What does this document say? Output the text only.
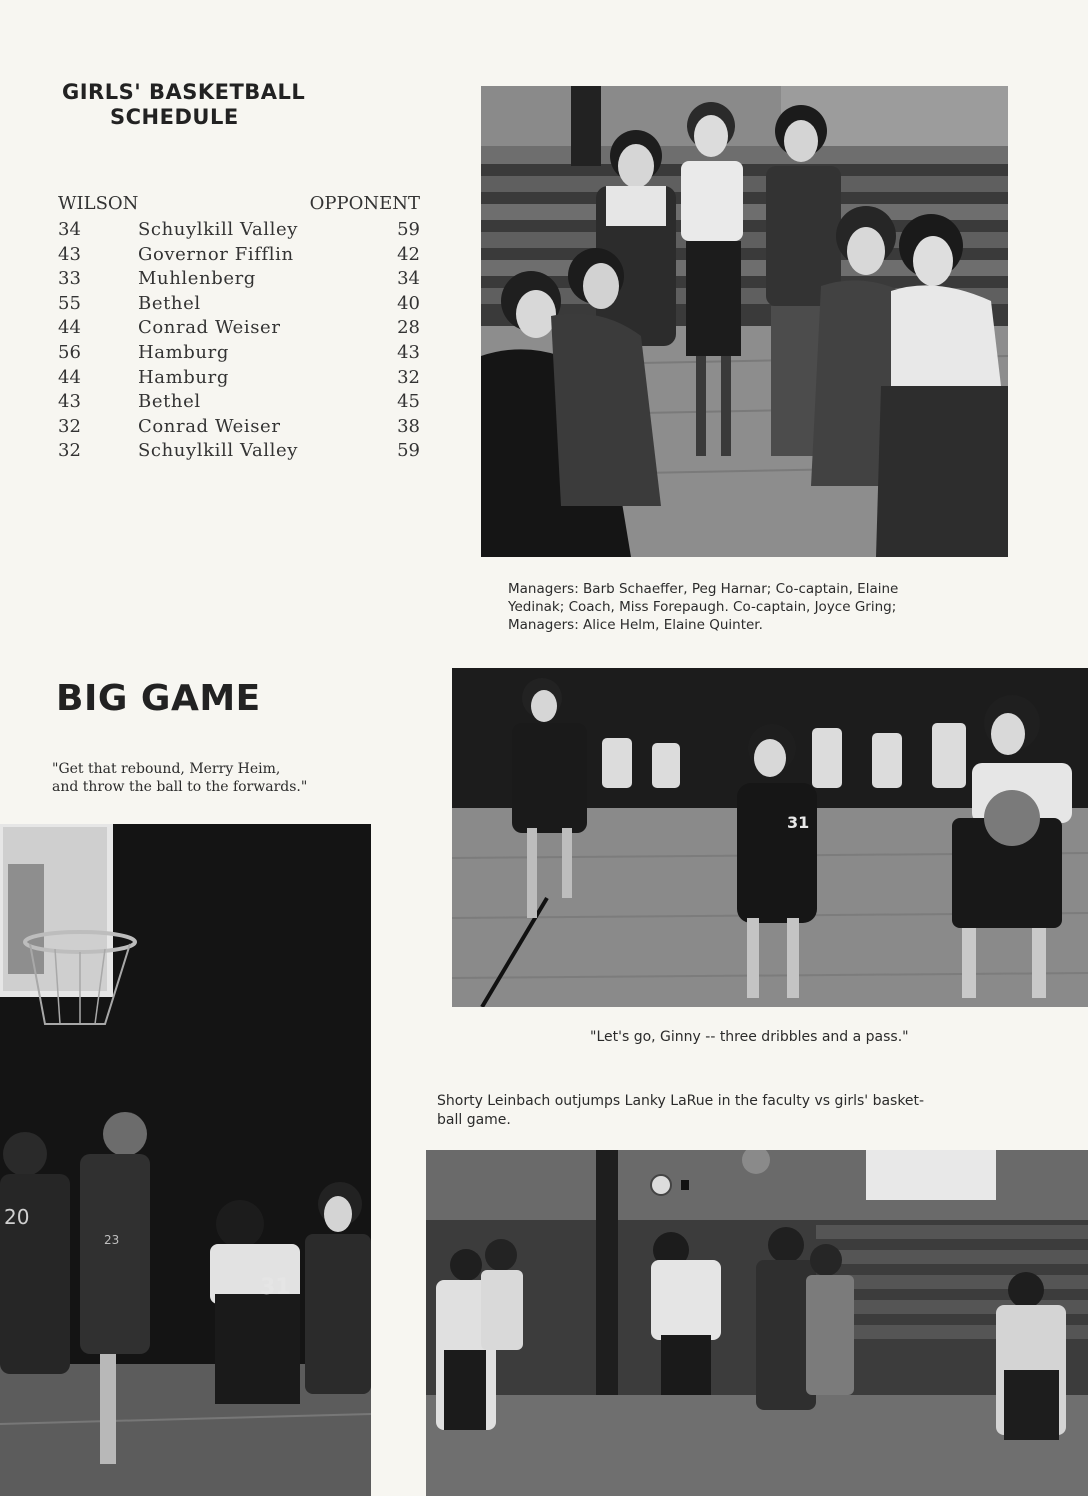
GIRLS' BASKETBALL
SCHEDULE
WILSON	OPPONENT
34	Schuylkill Valley	59
43	Governor Fifflin	42
33	Muhlenberg	34
55	Bethel	40
44	Conrad Weiser	28
56	Hamburg	43
44	Hamburg	32
43	Bethel	45
32	Conrad Weiser	38
32	Schuylkill Valley	59
Managers: Barb Schaeffer, Peg Harnar; Co-captain, Elaine
Yedinak; Coach, Miss Forepaugh. Co-captain, Joyce Gring;
Managers: Alice Helm, Elaine Quinter.
BIG GAME
"Get that rebound, Merry Heim,
and throw the ball to the forwards."
31
"Let's go, Ginny -- three dribbles and a pass."
Shorty Leinbach outjumps Lanky LaRue in the faculty vs girls' basket-
ball game.
20
23
31
